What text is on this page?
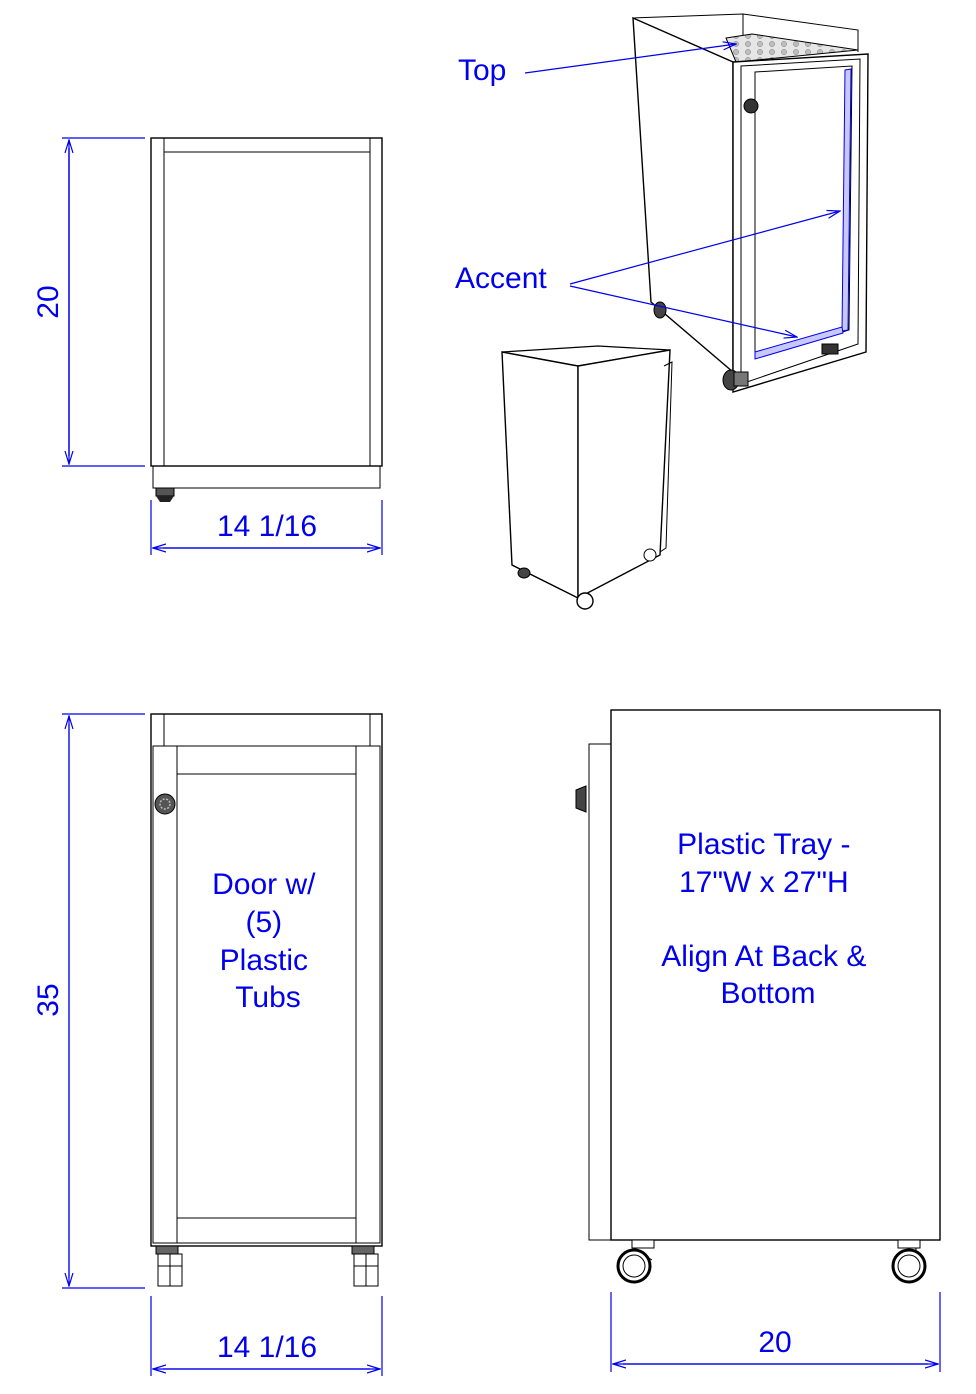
20
14 1/16
Top
Accent
Door w/ (5) Plastic Tubs
35
14 1/16
Plastic Tray - 17"W x 27"H Align At Back & Bottom
20
